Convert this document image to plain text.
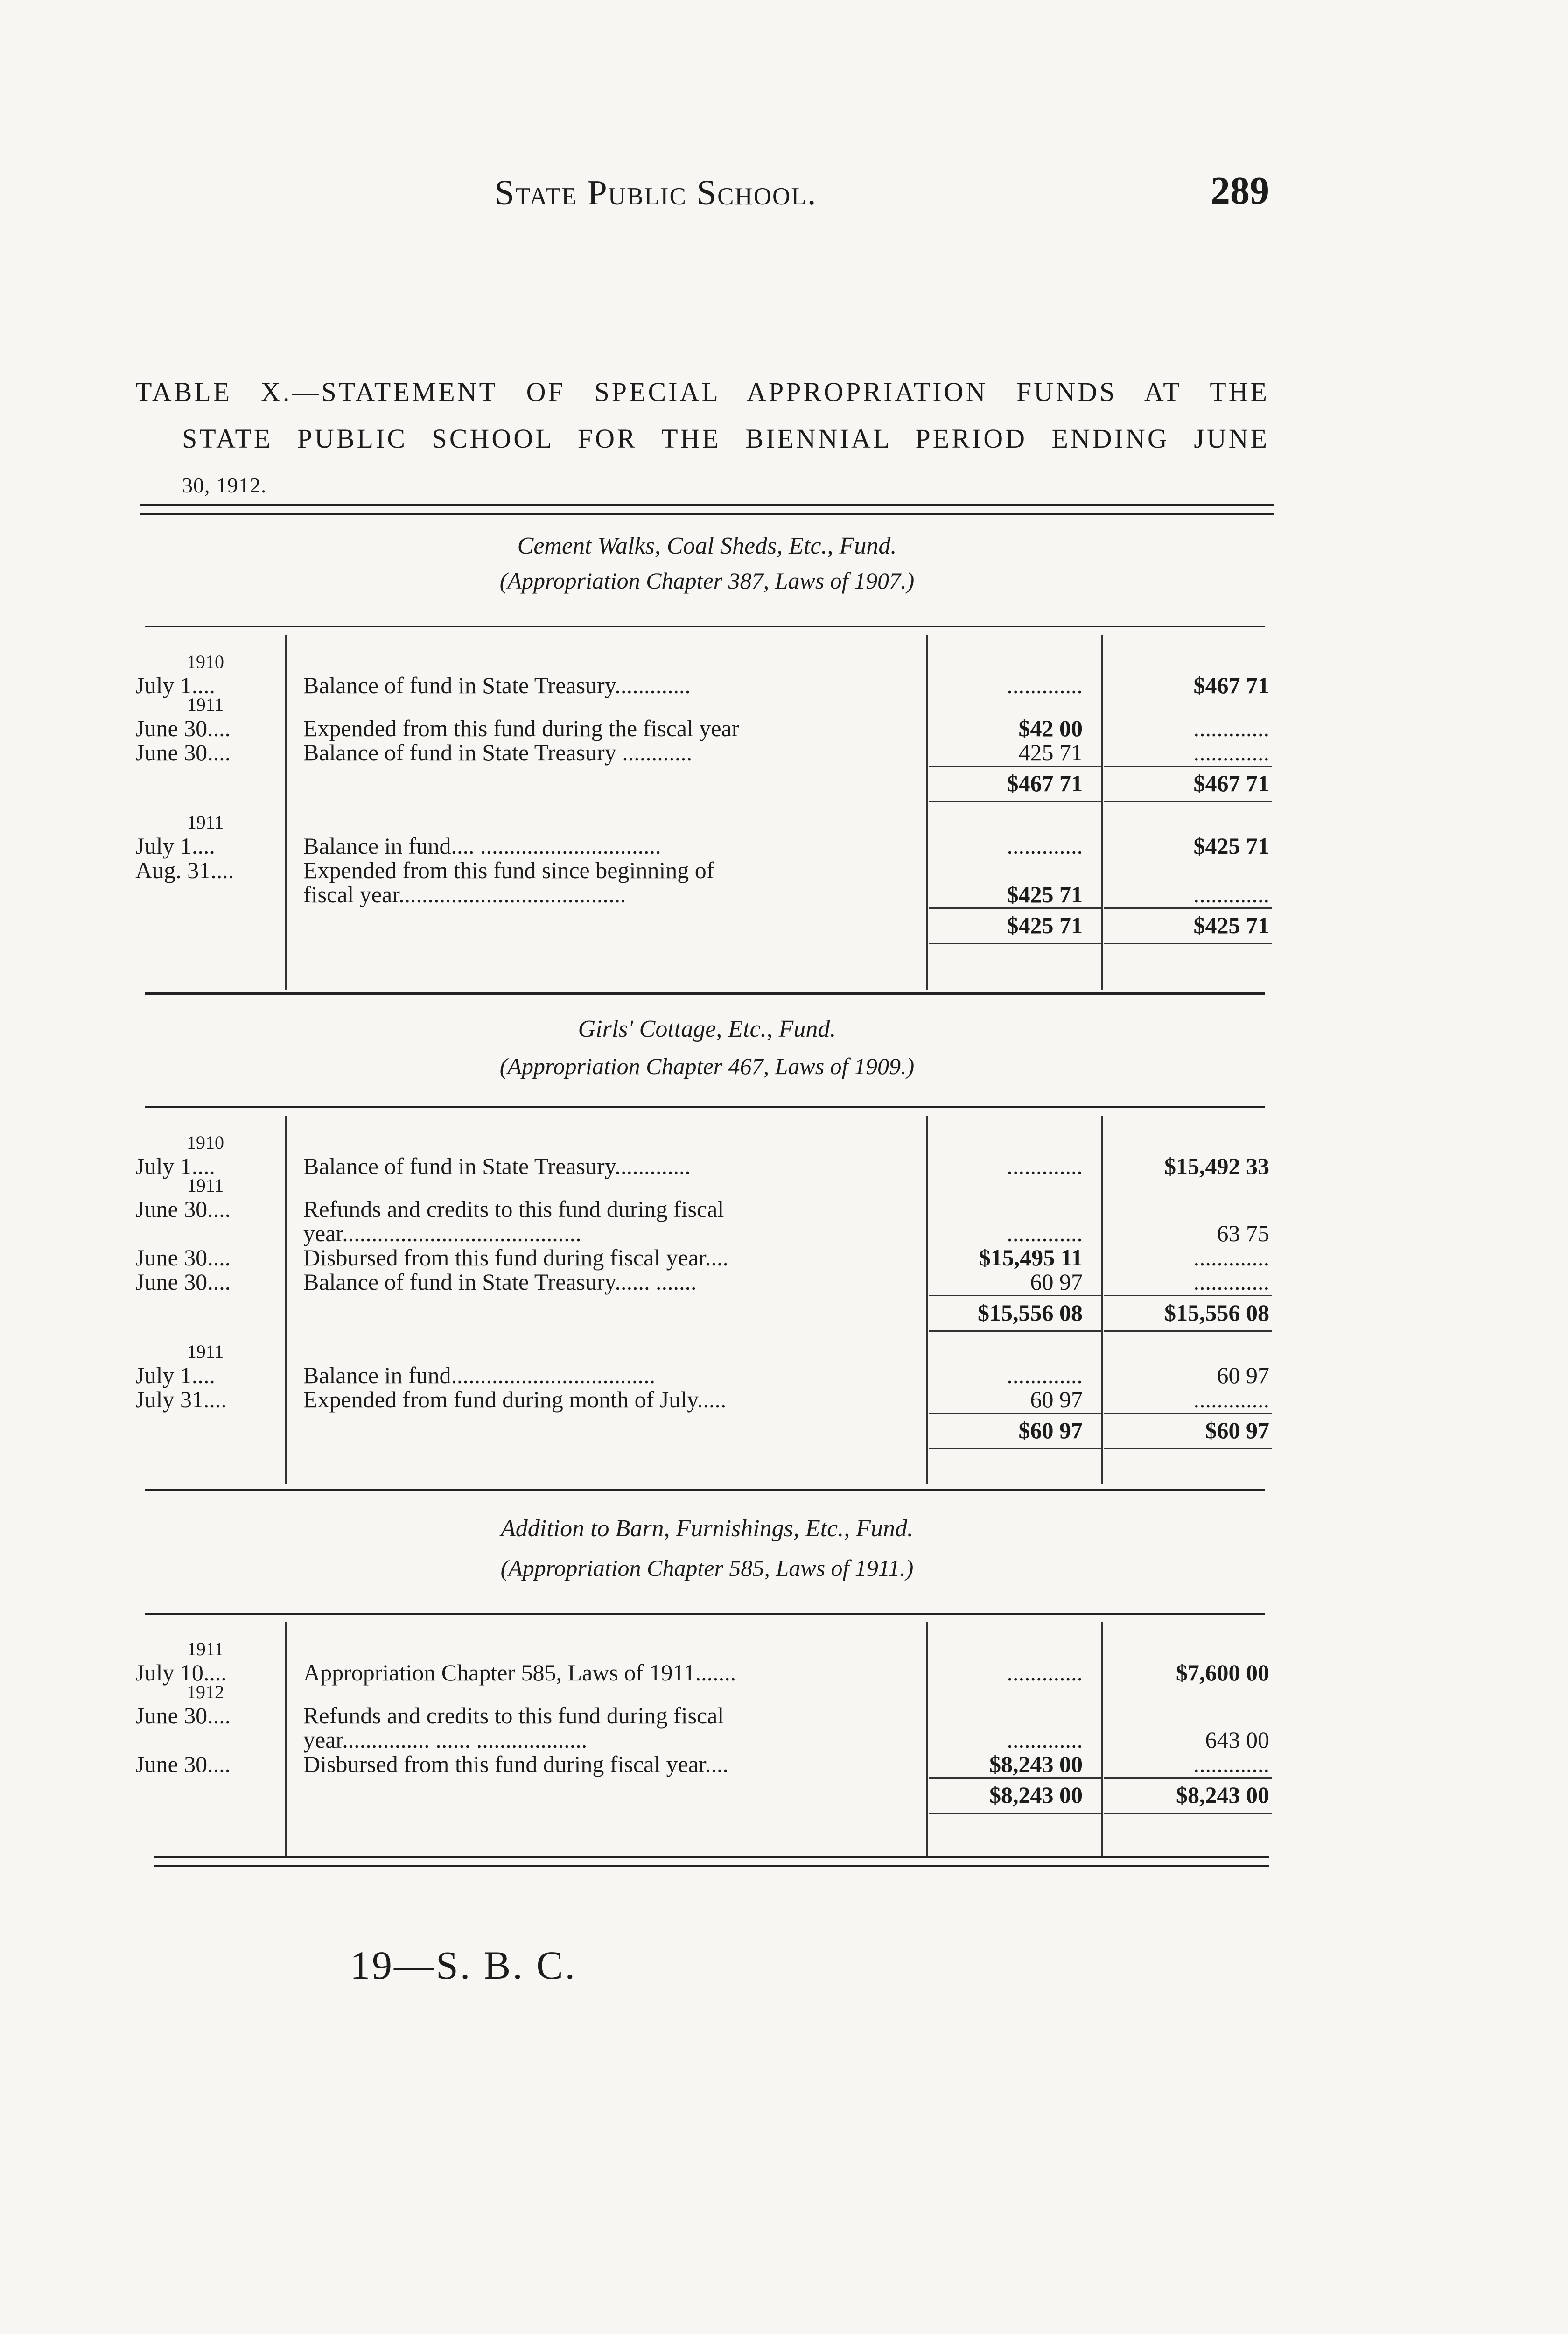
State Public School.	289
TABLE X.—STATEMENT OF SPECIAL APPROPRIATION FUNDS AT THE
STATE PUBLIC SCHOOL FOR THE BIENNIAL PERIOD ENDING JUNE
30, 1912.
Cement Walks, Coal Sheds, Etc., Fund.
(Appropriation Chapter 387, Laws of 1907.)
1910
July 1....	Balance of fund in State Treasury.............	.............	$467 71
1911
June 30....	Expended from this fund during the fiscal year	$42 00	.............
June 30....	Balance of fund in State Treasury ............	425 71	.............
$467 71	$467 71
1911
July 1....	Balance in fund.... ...............................	.............	$425 71
Aug. 31....	Expended from this fund since beginning of
fiscal year.......................................	$425 71	.............
$425 71	$425 71
Girls' Cottage, Etc., Fund.
(Appropriation Chapter 467, Laws of 1909.)
1910
July 1....	Balance of fund in State Treasury.............	.............	$15,492 33
1911
June 30....	Refunds and credits to this fund during fiscal
year.........................................	.............	63 75
June 30....	Disbursed from this fund during fiscal year....	$15,495 11	.............
June 30....	Balance of fund in State Treasury...... .......	60 97	.............
$15,556 08	$15,556 08
1911
July 1....	Balance in fund...................................	.............	60 97
July 31....	Expended from fund during month of July.....	60 97	.............
$60 97	$60 97
Addition to Barn, Furnishings, Etc., Fund.
(Appropriation Chapter 585, Laws of 1911.)
1911
July 10....	Appropriation Chapter 585, Laws of 1911.......	.............	$7,600 00
1912
June 30....	Refunds and credits to this fund during fiscal
year............... ...... ...................	.............	643 00
June 30....	Disbursed from this fund during fiscal year....	$8,243 00	.............
$8,243 00	$8,243 00
19—S. B. C.
